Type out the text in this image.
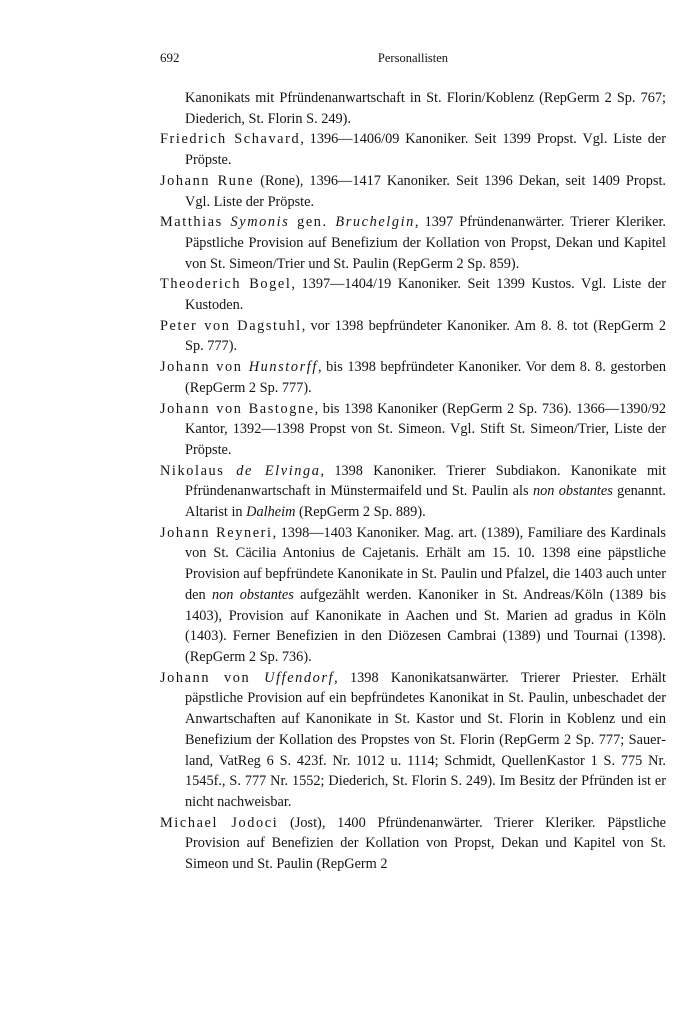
692	Personallisten

Kanonikats mit Pfründenanwartschaft in St. Florin/Koblenz (RepGerm 2 Sp. 767; Diederich, St. Florin S. 249).

Friedrich Schavard, 1396—1406/09 Kanoniker. Seit 1399 Propst. Vgl. Liste der Pröpste.

Johann Rune (Rone), 1396—1417 Kanoniker. Seit 1396 Dekan, seit 1409 Propst. Vgl. Liste der Pröpste.

Matthias Symonis gen. Bruchelgin, 1397 Pfründenanwärter. Trierer Kleriker. Päpstliche Provision auf Benefizium der Kollation von Propst, Dekan und Kapitel von St. Simeon/Trier und St. Paulin (RepGerm 2 Sp. 859).

Theoderich Bogel, 1397—1404/19 Kanoniker. Seit 1399 Kustos. Vgl. Liste der Kustoden.

Peter von Dagstuhl, vor 1398 bepfründeter Kanoniker. Am 8. 8. tot (RepGerm 2 Sp. 777).

Johann von Hunstorff, bis 1398 bepfründeter Kanoniker. Vor dem 8. 8. gestorben (RepGerm 2 Sp. 777).

Johann von Bastogne, bis 1398 Kanoniker (RepGerm 2 Sp. 736). 1366—1390/92 Kantor, 1392—1398 Propst von St. Simeon. Vgl. Stift St. Simeon/Trier, Liste der Pröpste.

Nikolaus de Elvinga, 1398 Kanoniker. Trierer Subdiakon. Kanonikate mit Pfründenanwartschaft in Münstermaifeld und St. Paulin als non obstantes genannt. Altarist in Dalheim (RepGerm 2 Sp. 889).

Johann Reyneri, 1398—1403 Kanoniker. Mag. art. (1389), Familiare des Kardinals von St. Cäcilia Antonius de Cajetanis. Erhält am 15. 10. 1398 eine päpstliche Provision auf bepfründete Kanonikate in St. Paulin und Pfalzel, die 1403 auch unter den non obstantes aufgezählt werden. Kanoniker in St. Andreas/Köln (1389 bis 1403), Provision auf Kanonikate in Aachen und St. Marien ad gradus in Köln (1403). Ferner Benefizien in den Diözesen Cambrai (1389) und Tournai (1398). (RepGerm 2 Sp. 736).

Johann von Uffendorf, 1398 Kanonikatsanwärter. Trierer Priester. Erhält päpstliche Provision auf ein bepfründetes Kanonikat in St. Paulin, unbeschadet der Anwartschaften auf Kanonikate in St. Kastor und St. Florin in Koblenz und ein Benefizium der Kollation des Propstes von St. Florin (RepGerm 2 Sp. 777; Sauerland, VatReg 6 S. 423f. Nr. 1012 u. 1114; Schmidt, QuellenKastor 1 S. 775 Nr. 1545f., S. 777 Nr. 1552; Diederich, St. Florin S. 249). Im Besitz der Pfründen ist er nicht nachweisbar.

Michael Jodoci (Jost), 1400 Pfründenanwärter. Trierer Kleriker. Päpstliche Provision auf Benefizien der Kollation von Propst, Dekan und Kapitel von St. Simeon und St. Paulin (RepGerm 2
